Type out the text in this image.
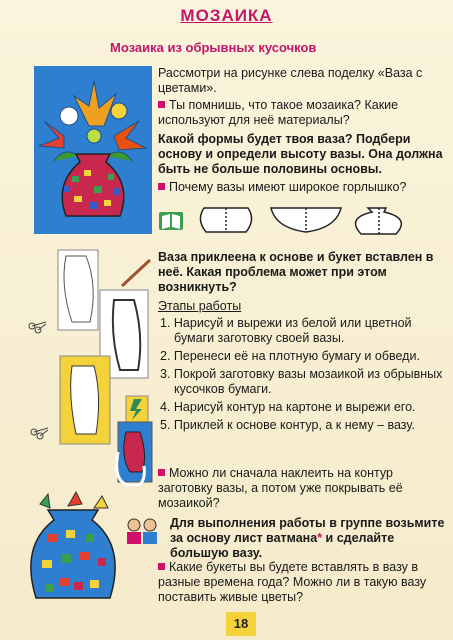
МОЗАИКА
Мозаика из обрывных кусочков
Рассмотри на рисунке слева поделку «Ваза с цветами».
Ты помнишь, что такое мозаика? Какие используют для неё материалы?
Какой формы будет твоя ваза? Подбери основу и определи высоту вазы. Она должна быть не больше половины основы.
Почему вазы имеют широкое горлышко?
Ваза приклеена к основе и букет вставлен в неё. Какая проблема может при этом возникнуть?
Этапы работы
1. Нарисуй и вырежи из белой или цветной бумаги заготовку своей вазы.
2. Перенеси её на плотную бумагу и обведи.
3. Покрой заготовку вазы мозаикой из обрывных кусочков бумаги.
4. Нарисуй контур на картоне и вырежи его.
5. Приклей к основе контур, а к нему – вазу.
Можно ли сначала наклеить на контур заготовку вазы, а потом уже покрывать её мозаикой?
Для выполнения работы в группе возьмите за основу лист ватмана* и сделайте большую вазу.
Какие букеты вы будете вставлять в вазу в разные времена года? Можно ли в такую вазу поставить живые цветы?
18
